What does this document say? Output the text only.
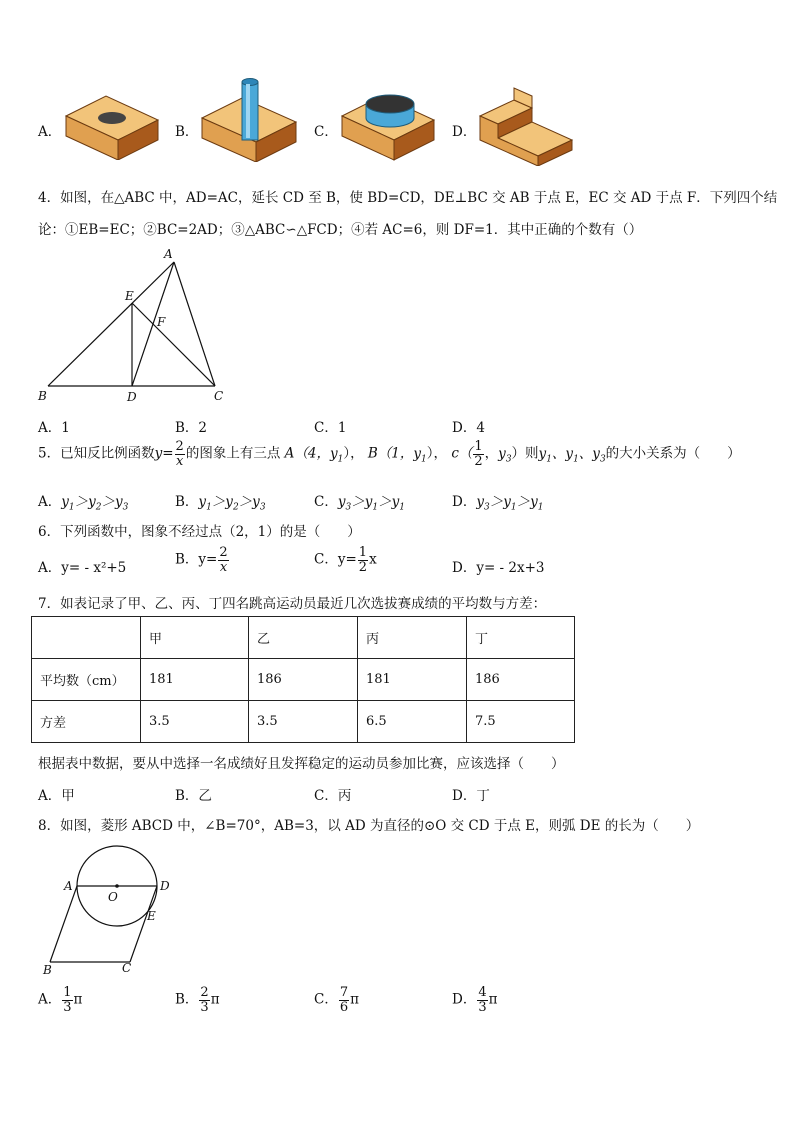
A．	B．	C．	D．
4．如图，在△ABC 中，AD=AC，延长 CD 至 B，使 BD=CD，DE⊥BC 交 AB 于点 E，EC 交 AD 于点 F．下列四个结
论：①EB=EC；②BC=2AD；③△ABC∽△FCD；④若 AC=6，则 DF=1．其中正确的个数有（）
A
E
F
B	D	C
A．1	B．2	C．1	D．4
5．已知反比例函数$y= \frac{2}{x}$ 的图象上有三点 A（4，$y_1$）， B（1，$y_1$）， $c( \frac{1}{2}$ ，$y_3$）则$y_1$、$y_1$、$y_3$的大小关系为（　　）
A．$y_1>y_2>y_3$	B．$y_1>y_2>y_3$	C．$y_3>y_1>y_1$	D．$y_3>y_1>y_1$
6．下列函数中，图象不经过点（2，1）的是（　　）
A．y= - x²+5
B．$y= \frac{2}{x}$	C．$y= \frac{1}{2}$ x
D．y= - 2x+3
7．如表记录了甲、乙、丙、丁四名跳高运动员最近几次选拔赛成绩的平均数与方差：
	甲	乙	丙	丁
平均数（cm）	181	186	181	186
方差	3.5	3.5	6.5	7.5
根据表中数据，要从中选择一名成绩好且发挥稳定的运动员参加比赛，应该选择（　　）
A．甲	B．乙	C．丙	D．丁
8．如图，菱形 ABCD 中，∠B=70°，AB=3，以 AD 为直径的⊙O 交 CD 于点 E，则弧 DE 的长为（　　）
A	D
O
E
B	C
A． $\frac{1}{3}$ π	B． $\frac{2}{3}$ π	C． $\frac{7}{6}$ π	D． $\frac{4}{3}$ π
